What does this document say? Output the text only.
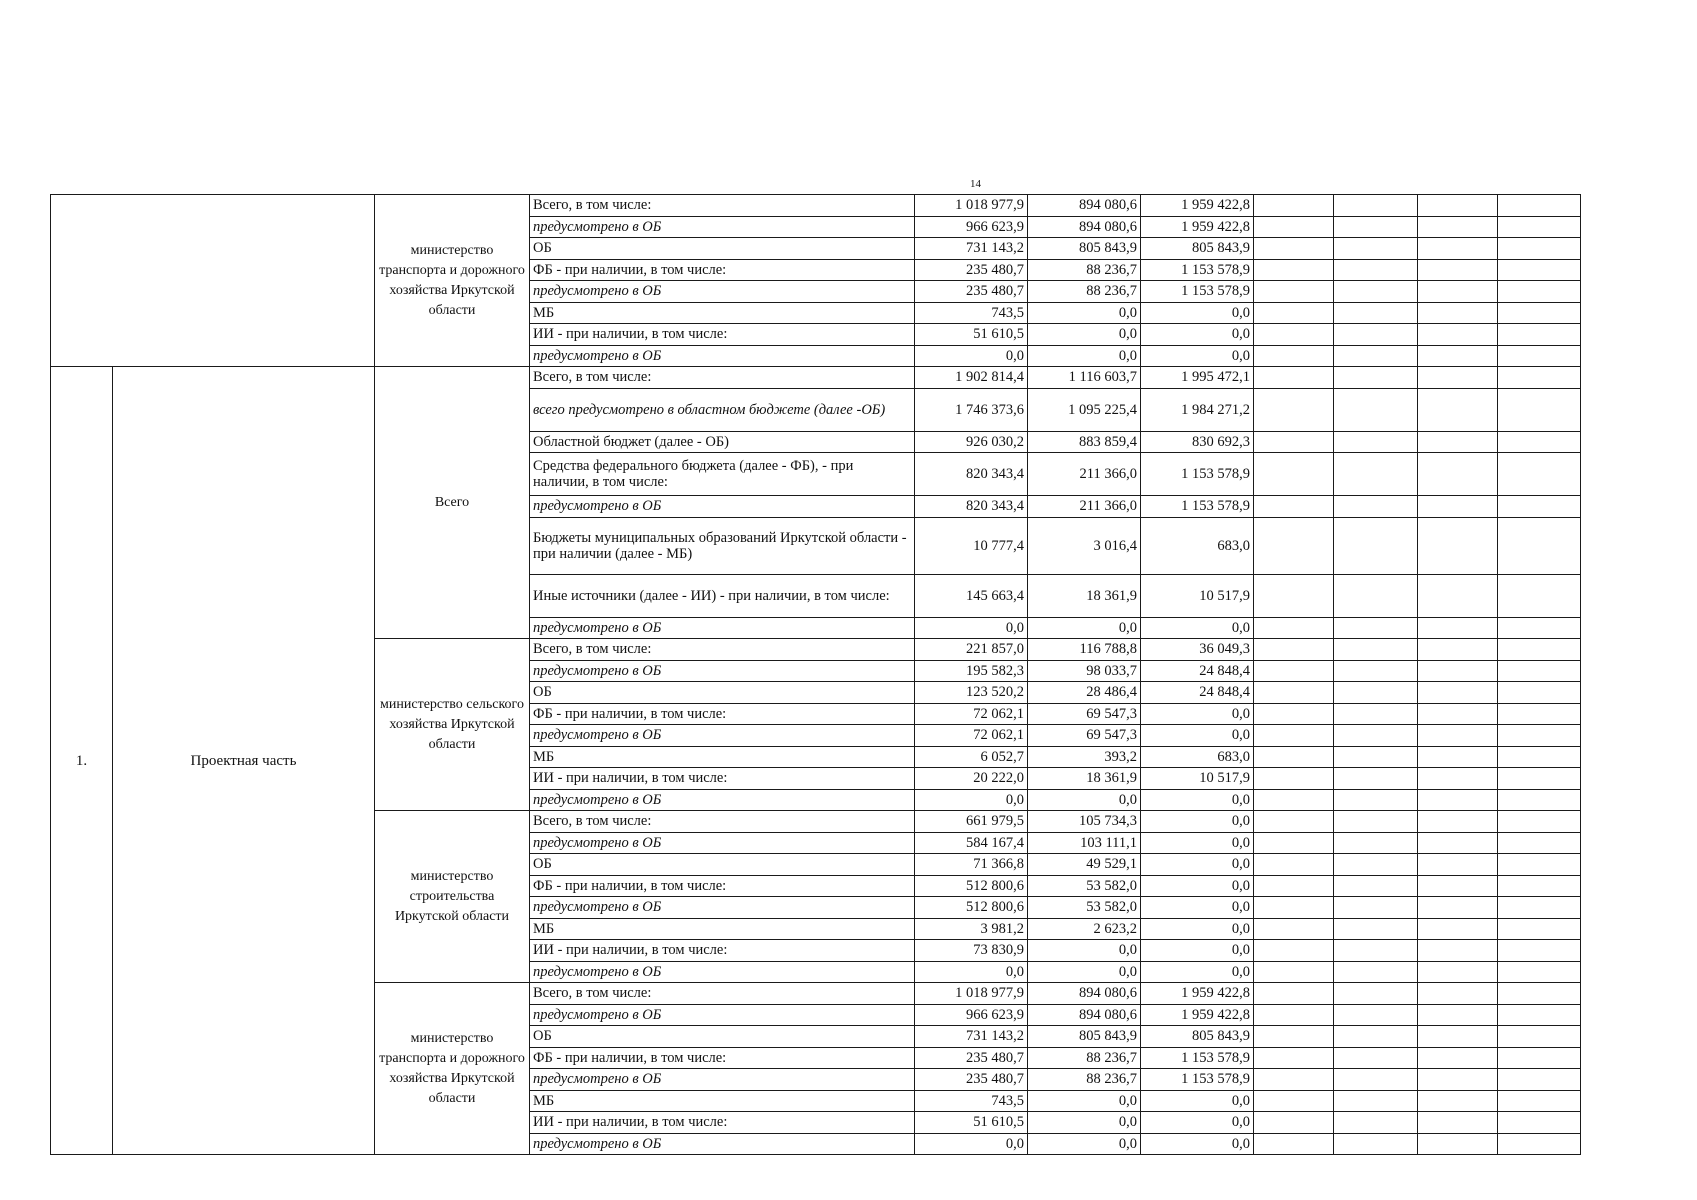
14
		министерство транспорта и дорожного хозяйства Иркутской области	Всего, в том числе:	1 018 977,9	894 080,6	1 959 422,8				
			предусмотрено в ОБ	966 623,9	894 080,6	1 959 422,8				
			ОБ	731 143,2	805 843,9	805 843,9				
			ФБ - при наличии, в том числе:	235 480,7	88 236,7	1 153 578,9				
			предусмотрено в ОБ	235 480,7	88 236,7	1 153 578,9				
			МБ	743,5	0,0	0,0				
			ИИ - при наличии, в том числе:	51 610,5	0,0	0,0				
			предусмотрено в ОБ	0,0	0,0	0,0				
1.	Проектная часть	Всего	Всего, в том числе:	1 902 814,4	1 116 603,7	1 995 472,1				
			всего предусмотрено в областном бюджете (далее -ОБ)	1 746 373,6	1 095 225,4	1 984 271,2				
			Областной бюджет (далее - ОБ)	926 030,2	883 859,4	830 692,3				
			Средства федерального бюджета (далее - ФБ), - при наличии, в том числе:	820 343,4	211 366,0	1 153 578,9				
			предусмотрено в ОБ	820 343,4	211 366,0	1 153 578,9				
			Бюджеты муниципальных образований Иркутской области - при наличии (далее - МБ)	10 777,4	3 016,4	683,0				
			Иные источники (далее - ИИ) - при наличии, в том числе:	145 663,4	18 361,9	10 517,9				
			предусмотрено в ОБ	0,0	0,0	0,0				
		министерство сельского хозяйства Иркутской области	Всего, в том числе:	221 857,0	116 788,8	36 049,3				
			предусмотрено в ОБ	195 582,3	98 033,7	24 848,4				
			ОБ	123 520,2	28 486,4	24 848,4				
			ФБ - при наличии, в том числе:	72 062,1	69 547,3	0,0				
			предусмотрено в ОБ	72 062,1	69 547,3	0,0				
			МБ	6 052,7	393,2	683,0				
			ИИ - при наличии, в том числе:	20 222,0	18 361,9	10 517,9				
			предусмотрено в ОБ	0,0	0,0	0,0				
		министерство строительства Иркутской области	Всего, в том числе:	661 979,5	105 734,3	0,0				
			предусмотрено в ОБ	584 167,4	103 111,1	0,0				
			ОБ	71 366,8	49 529,1	0,0				
			ФБ - при наличии, в том числе:	512 800,6	53 582,0	0,0				
			предусмотрено в ОБ	512 800,6	53 582,0	0,0				
			МБ	3 981,2	2 623,2	0,0				
			ИИ - при наличии, в том числе:	73 830,9	0,0	0,0				
			предусмотрено в ОБ	0,0	0,0	0,0				
		министерство транспорта и дорожного хозяйства Иркутской области	Всего, в том числе:	1 018 977,9	894 080,6	1 959 422,8				
			предусмотрено в ОБ	966 623,9	894 080,6	1 959 422,8				
			ОБ	731 143,2	805 843,9	805 843,9				
			ФБ - при наличии, в том числе:	235 480,7	88 236,7	1 153 578,9				
			предусмотрено в ОБ	235 480,7	88 236,7	1 153 578,9				
			МБ	743,5	0,0	0,0				
			ИИ - при наличии, в том числе:	51 610,5	0,0	0,0				
			предусмотрено в ОБ	0,0	0,0	0,0				
